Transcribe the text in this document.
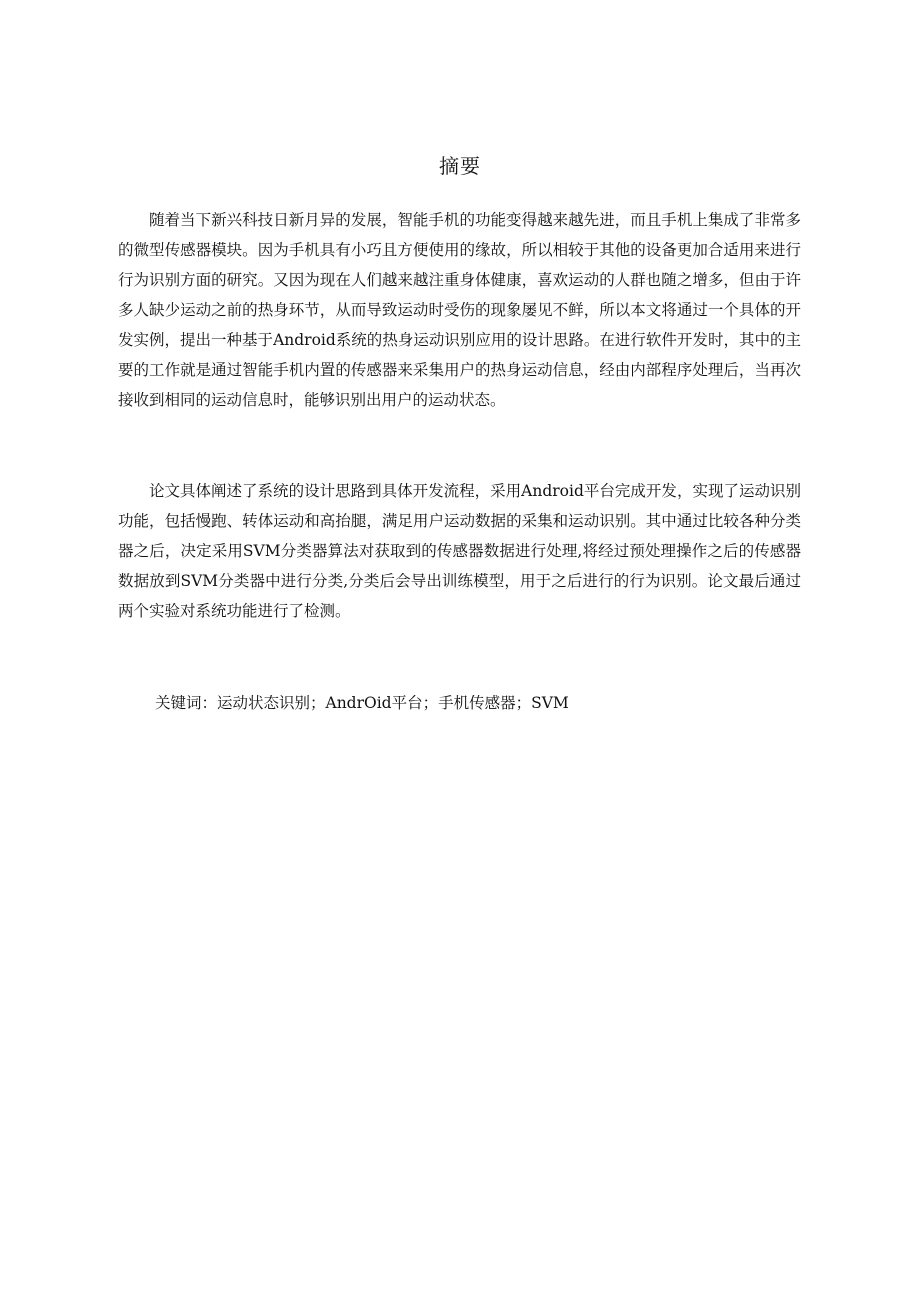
摘要

随着当下新兴科技日新月异的发展，智能手机的功能变得越来越先进，而且手机上集成了非常多的微型传感器模块。因为手机具有小巧且方便使用的缘故，所以相较于其他的设备更加合适用来进行行为识别方面的研究。又因为现在人们越来越注重身体健康，喜欢运动的人群也随之增多，但由于许多人缺少运动之前的热身环节，从而导致运动时受伤的现象屡见不鲜，所以本文将通过一个具体的开发实例，提出一种基于Android系统的热身运动识别应用的设计思路。在进行软件开发时，其中的主要的工作就是通过智能手机内置的传感器来采集用户的热身运动信息，经由内部程序处理后，当再次接收到相同的运动信息时，能够识别出用户的运动状态。

论文具体阐述了系统的设计思路到具体开发流程，采用Android平台完成开发，实现了运动识别功能，包括慢跑、转体运动和高抬腿，满足用户运动数据的采集和运动识别。其中通过比较各种分类器之后，决定采用SVM分类器算法对获取到的传感器数据进行处理,将经过预处理操作之后的传感器数据放到SVM分类器中进行分类,分类后会导出训练模型，用于之后进行的行为识别。论文最后通过两个实验对系统功能进行了检测。

关键词：运动状态识别；AndrOid平台；手机传感器；SVM
